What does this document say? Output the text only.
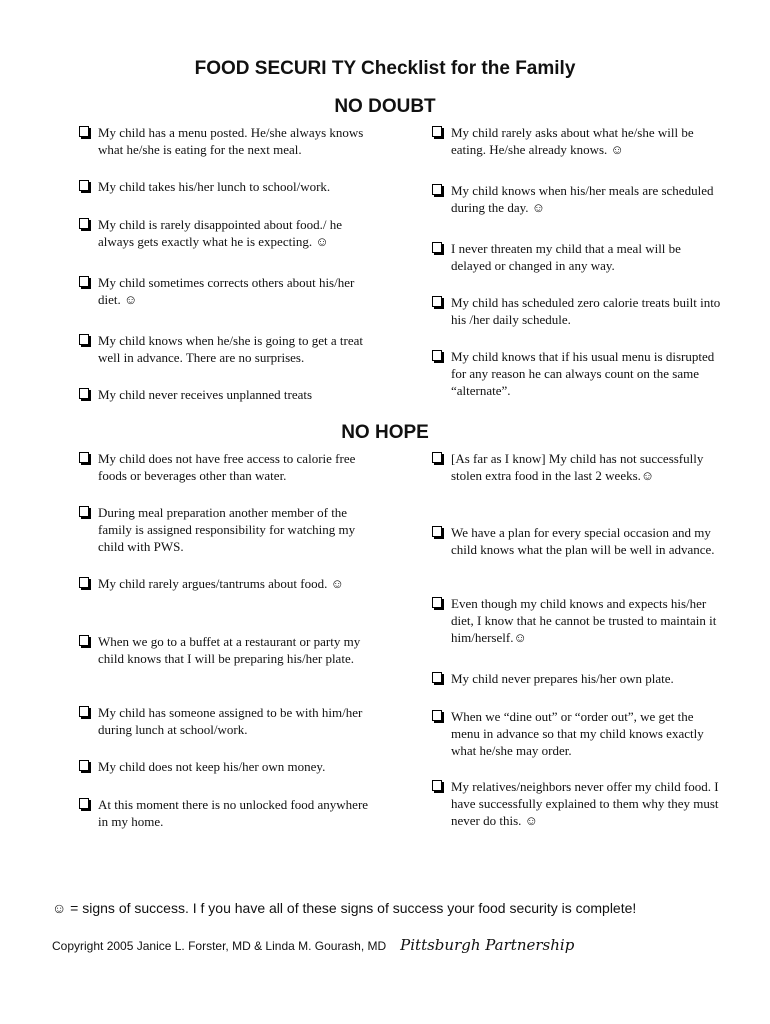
FOOD SECURI TY Checklist for the Family
NO DOUBT
My child has a menu posted. He/she always knows what he/she is eating for the next meal.
My child takes his/her lunch to school/work.
My child is rarely disappointed about food./ he always gets exactly what he is expecting. ☺
My child sometimes corrects others about his/her diet. ☺
My child knows when he/she is going to get a treat well in advance. There are no surprises.
My child never receives unplanned treats
My child rarely asks about what he/she will be eating. He/she already knows. ☺
My child knows when his/her meals are scheduled during the day. ☺
I never threaten my child that a meal will be delayed or changed in any way.
My child has scheduled zero calorie treats built into his /her daily schedule.
My child knows that if his usual menu is disrupted for any reason he can always count on the same “alternate”.
NO HOPE
My child does not have free access to calorie free foods or beverages other than water.
During meal preparation another member of the family is assigned responsibility for watching my child with PWS.
My child rarely argues/tantrums about food. ☺
When we go to a buffet at a restaurant or party my child knows that I will be preparing his/her plate.
My child has someone assigned to be with him/her during lunch at school/work.
My child does not keep his/her own money.
At this moment there is no unlocked food anywhere in my home.
[As far as I know] My child has not successfully stolen extra food in the last 2 weeks.☺
We have a plan for every special occasion and my child knows what the plan will be well in advance.
Even though my child knows and expects his/her diet, I know that he cannot be trusted to maintain it him/herself.☺
My child never prepares his/her own plate.
When we “dine out” or “order out”, we get the menu in advance so that my child knows exactly what he/she may order.
My relatives/neighbors never offer my child food. I have successfully explained to them why they must never do this. ☺
☺ = signs of success. I f you have all of these signs of success your food security is complete!
Copyright 2005 Janice L. Forster, MD & Linda M. Gourash, MD Pittsburgh Partnership
